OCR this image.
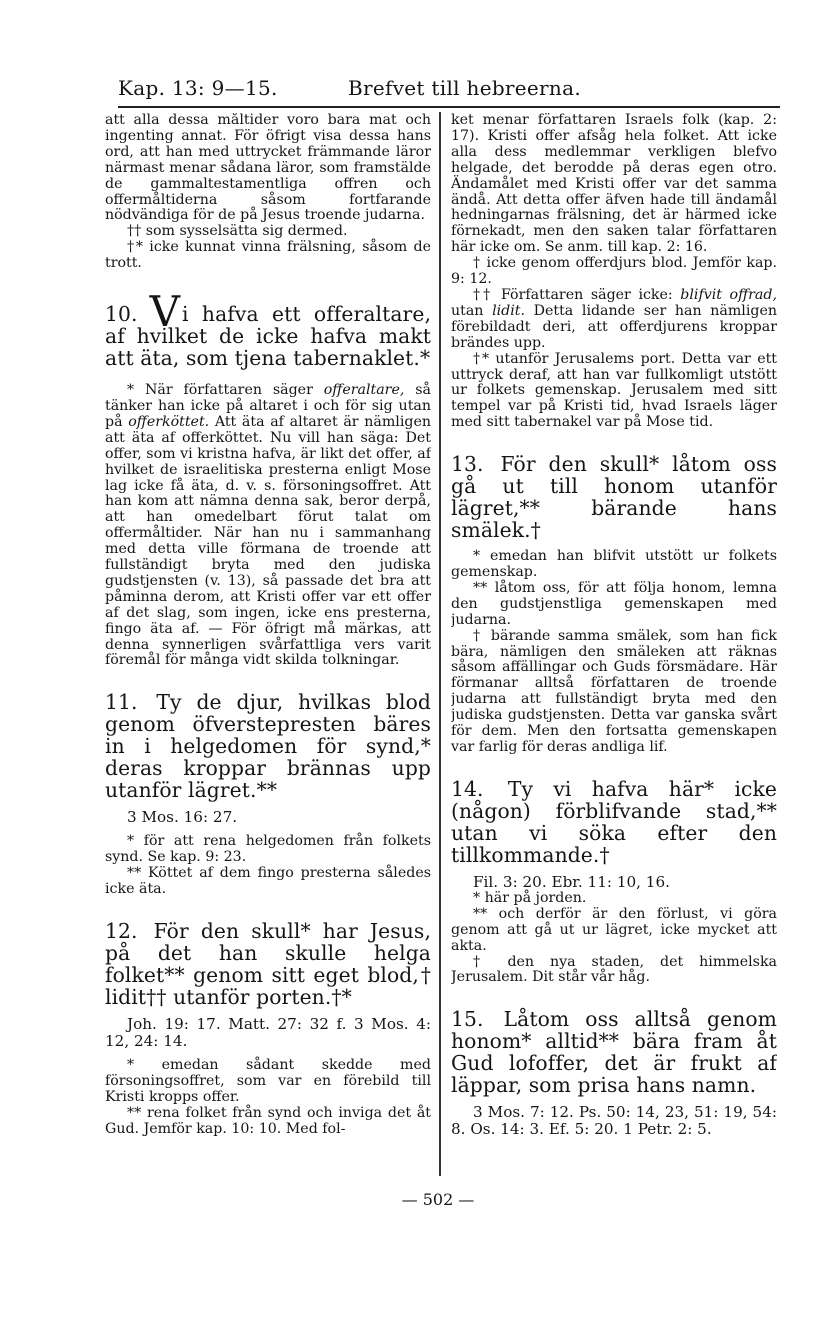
Kap. 13: 9—15.	Brefvet till hebreerna.

att alla dessa måltider voro bara mat och ingenting annat. För öfrigt visa dessa hans ord, att han med uttrycket främmande läror närmast menar sådana läror, som framstälde de gammaltestamentliga offren och offermåltiderna såsom fortfarande nödvändiga för de på Jesus troende judarna.

†† som sysselsätta sig dermed.

†* icke kunnat vinna frälsning, såsom de trott.

10. Vi hafva ett offeraltare, af hvilket de icke hafva makt att äta, som tjena tabernaklet.*

* När författaren säger offeraltare, så tänker han icke på altaret i och för sig utan på offerköttet. Att äta af altaret är nämligen att äta af offerköttet. Nu vill han säga: Det offer, som vi kristna hafva, är likt det offer, af hvilket de israelitiska presterna enligt Mose lag icke få äta, d. v. s. försoningsoffret. Att han kom att nämna denna sak, beror derpå, att han omedelbart förut talat om offermåltider. När han nu i sammanhang med detta ville förmana de troende att fullständigt bryta med den judiska gudstjensten (v. 13), så passade det bra att påminna derom, att Kristi offer var ett offer af det slag, som ingen, icke ens presterna, fingo äta af. — För öfrigt må märkas, att denna synnerligen svårfattliga vers varit föremål för många vidt skilda tolkningar.

11. Ty de djur, hvilkas blod genom öfverstepresten bäres in i helgedomen för synd,* deras kroppar brännas upp utanför lägret.**

3 Mos. 16: 27.

* för att rena helgedomen från folkets synd. Se kap. 9: 23.

** Köttet af dem fingo presterna således icke äta.

12. För den skull* har Jesus, på det han skulle helga folket** genom sitt eget blod,† lidit†† utanför porten.†*

Joh. 19: 17. Matt. 27: 32 f. 3 Mos. 4: 12, 24: 14.

* emedan sådant skedde med försoningsoffret, som var en förebild till Kristi kropps offer.

** rena folket från synd och inviga det åt Gud. Jemför kap. 10: 10. Med fol-

ket menar författaren Israels folk (kap. 2: 17). Kristi offer afsåg hela folket. Att icke alla dess medlemmar verkligen blefvo helgade, det berodde på deras egen otro. Ändamålet med Kristi offer var det samma ändå. Att detta offer äfven hade till ändamål hedningarnas frälsning, det är härmed icke förnekadt, men den saken talar författaren här icke om. Se anm. till kap. 2: 16.

† icke genom offerdjurs blod. Jemför kap. 9: 12.

†† Författaren säger icke: blifvit offrad, utan lidit. Detta lidande ser han nämligen förebildadt deri, att offerdjurens kroppar brändes upp.

†* utanför Jerusalems port. Detta var ett uttryck deraf, att han var fullkomligt utstött ur folkets gemenskap. Jerusalem med sitt tempel var på Kristi tid, hvad Israels läger med sitt tabernakel var på Mose tid.

13. För den skull* låtom oss gå ut till honom utanför lägret,** bärande hans smälek.†

* emedan han blifvit utstött ur folkets gemenskap.

** låtom oss, för att följa honom, lemna den gudstjenstliga gemenskapen med judarna.

† bärande samma smälek, som han fick bära, nämligen den smäleken att räknas såsom affällingar och Guds försmädare. Här förmanar alltså författaren de troende judarna att fullständigt bryta med den judiska gudstjensten. Detta var ganska svårt för dem. Men den fortsatta gemenskapen var farlig för deras andliga lif.

14. Ty vi hafva här* icke (någon) förblifvande stad,** utan vi söka efter den tillkommande.†

Fil. 3: 20. Ebr. 11: 10, 16.

* här på jorden.

** och derför är den förlust, vi göra genom att gå ut ur lägret, icke mycket att akta.

† den nya staden, det himmelska Jerusalem. Dit står vår håg.

15. Låtom oss alltså genom honom* alltid** bära fram åt Gud lofoffer, det är frukt af läppar, som prisa hans namn.

3 Mos. 7: 12. Ps. 50: 14, 23, 51: 19, 54: 8. Os. 14: 3. Ef. 5: 20. 1 Petr. 2: 5.

— 502 —
